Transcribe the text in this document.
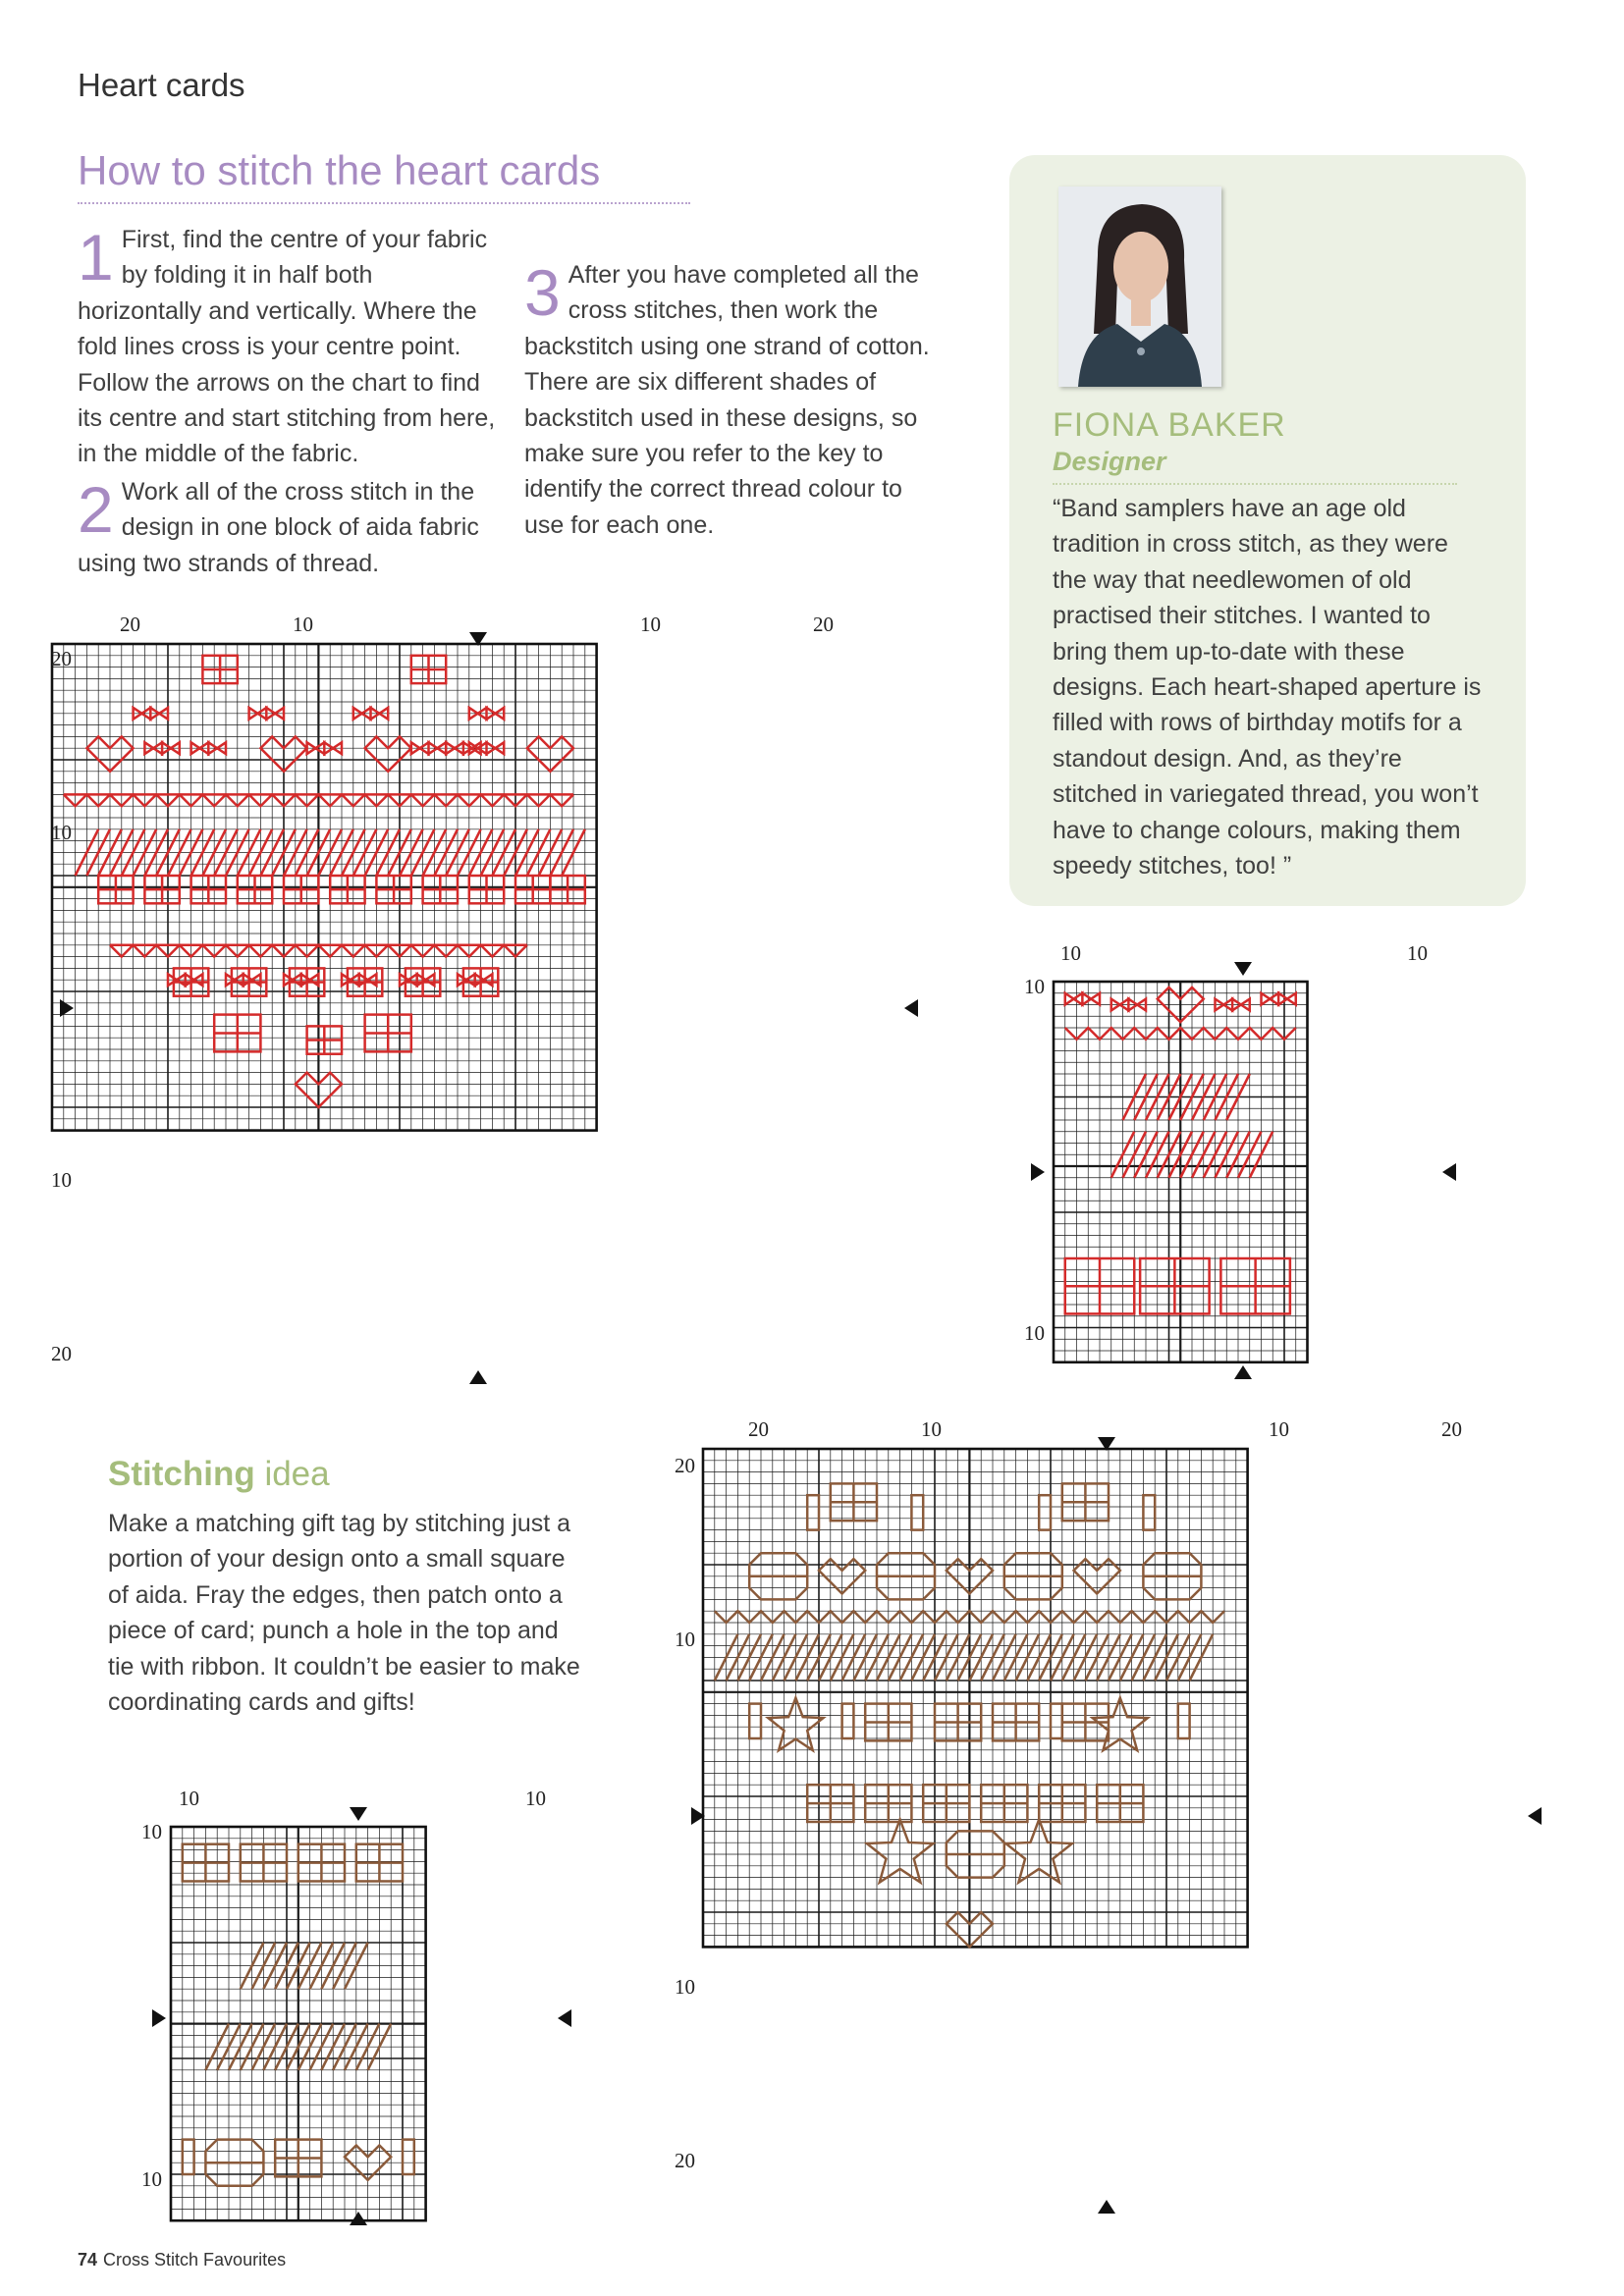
Heart cards
How to stitch the heart cards

1 First, find the centre of your fabric by folding it in half both horizontally and vertically. Where the fold lines cross is your centre point. Follow the arrows on the chart to find its centre and start stitching from here, in the middle of the fabric.

2 Work all of the cross stitch in the design in one block of aida fabric using two strands of thread.

3 After you have completed all the cross stitches, then work the backstitch using one strand of cotton. There are six different shades of backstitch used in these designs, so make sure you refer to the key to identify the correct thread colour to use for each one.

FIONA BAKER
Designer
“Band samplers have an age old tradition in cross stitch, as they were the way that needlewomen of old practised their stitches. I wanted to bring them up-to-date with these designs. Each heart-shaped aperture is filled with rows of birthday motifs for a standout design. And, as they’re stitched in variegated thread, you won’t have to change colours, making them speedy stitches, too! ”
Stitching idea
Make a matching gift tag by stitching just a portion of your design onto a small square of aida. Fray the edges, then patch onto a piece of card; punch a hole in the top and tie with ribbon. It couldn’t be easier to make coordinating cards and gifts!
20	10	10	20
20
10
10
20
10	10
10
10
10	10
10
10
20	10	10	20
20
10
10
20
74 Cross Stitch Favourites
